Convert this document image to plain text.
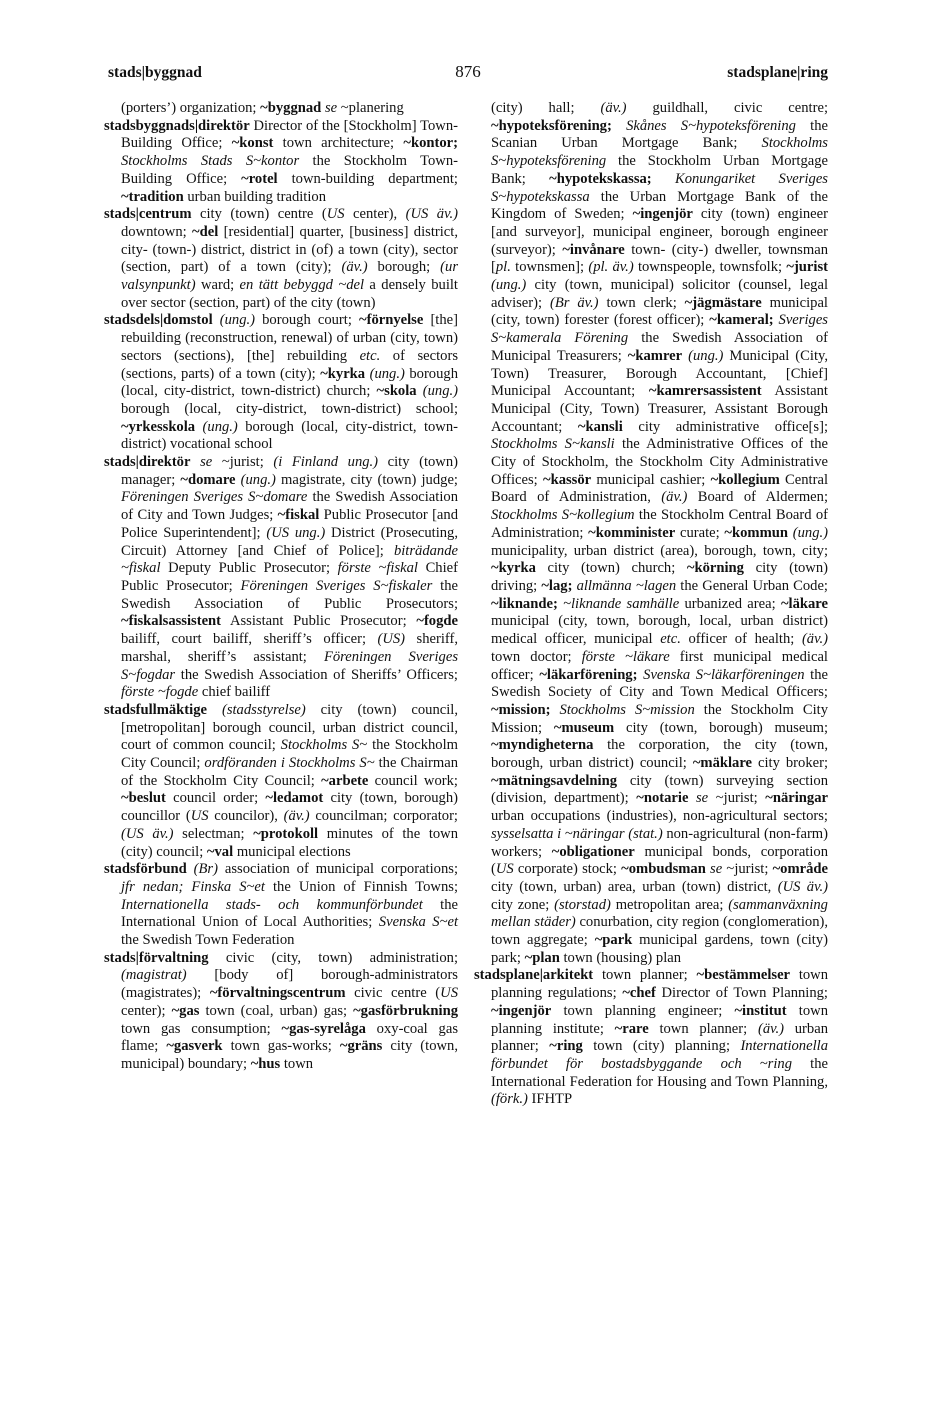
stads|byggnad	876	stadsplane|ring

(porters’) organization; ~byggnad se ~planering

stadsbyggnads|direktör Director of the [Stockholm] Town-Building Office; ~konst town architecture; ~kontor; Stockholms Stads S~kontor the Stockholm Town-Building Office; ~rotel town-building department; ~tradition urban building tradition

stads|centrum city (town) centre (US center), (US äv.) downtown; ~del [residential] quarter, [business] district, city- (town-) district, district in (of) a town (city), sector (section, part) of a town (city); (äv.) borough; (ur valsynpunkt) ward; en tätt bebyggd ~del a densely built over sector (section, part) of the city (town)

stadsdels|domstol (ung.) borough court; ~förnyelse [the] rebuilding (reconstruction, renewal) of urban (city, town) sectors (sections), [the] rebuilding etc. of sectors (sections, parts) of a town (city); ~kyrka (ung.) borough (local, city-district, town-district) church; ~skola (ung.) borough (local, city-district, town-district) school; ~yrkesskola (ung.) borough (local, city-district, town-district) vocational school

stads|direktör se ~jurist; (i Finland ung.) city (town) manager; ~domare (ung.) magistrate, city (town) judge; Föreningen Sveriges S~domare the Swedish Association of City and Town Judges; ~fiskal Public Prosecutor [and Police Superintendent]; (US ung.) District (Prosecuting, Circuit) Attorney [and Chief of Police]; biträdande ~fiskal Deputy Public Prosecutor; förste ~fiskal Chief Public Prosecutor; Föreningen Sveriges S~fiskaler the Swedish Association of Public Prosecutors; ~fiskalsassistent Assistant Public Prosecutor; ~fogde bailiff, court bailiff, sheriff’s officer; (US) sheriff, marshal, sheriff’s assistant; Föreningen Sveriges S~fogdar the Swedish Association of Sheriffs’ Officers; förste ~fogde chief bailiff

stadsfullmäktige (stadsstyrelse) city (town) council, [metropolitan] borough council, urban district council, court of common council; Stockholms S~ the Stockholm City Council; ordföranden i Stockholms S~ the Chairman of the Stockholm City Council; ~arbete council work; ~beslut council order; ~ledamot city (town, borough) councillor (US councilor), (äv.) councilman; corporator; (US äv.) selectman; ~protokoll minutes of the town (city) council; ~val municipal elections

stadsförbund (Br) association of municipal corporations; jfr nedan; Finska S~et the Union of Finnish Towns; Internationella stads- och kommunförbundet the International Union of Local Authorities; Svenska S~et the Swedish Town Federation

stads|förvaltning civic (city, town) administration; (magistrat) [body of] borough-administrators (magistrates); ~förvaltningscentrum civic centre (US center); ~gas town (coal, urban) gas; ~gasförbrukning town gas consumption; ~gas-syrelåga oxy-coal gas flame; ~gasverk town gas-works; ~gräns city (town, municipal) boundary; ~hus town

(city) hall; (äv.) guildhall, civic centre; ~hypoteksförening; Skånes S~hypoteksförening the Scanian Urban Mortgage Bank; Stockholms S~hypoteksförening the Stockholm Urban Mortgage Bank; ~hypotekskassa; Konungariket Sveriges S~hypotekskassa the Urban Mortgage Bank of the Kingdom of Sweden; ~ingenjör city (town) engineer [and surveyor], municipal engineer, borough engineer (surveyor); ~invånare town- (city-) dweller, townsman [pl. townsmen]; (pl. äv.) townspeople, townsfolk; ~jurist (ung.) city (town, municipal) solicitor (counsel, legal adviser); (Br äv.) town clerk; ~jägmästare municipal (city, town) forester (forest officer); ~kameral; Sveriges S~kamerala Förening the Swedish Association of Municipal Treasurers; ~kamrer (ung.) Municipal (City, Town) Treasurer, Borough Accountant, [Chief] Municipal Accountant; ~kamrersassistent Assistant Municipal (City, Town) Treasurer, Assistant Borough Accountant; ~kansli city administrative office[s]; Stockholms S~kansli the Administrative Offices of the City of Stockholm, the Stockholm City Administrative Offices; ~kassör municipal cashier; ~kollegium Central Board of Administration, (äv.) Board of Aldermen; Stockholms S~kollegium the Stockholm Central Board of Administration; ~komminister curate; ~kommun (ung.) municipality, urban district (area), borough, town, city; ~kyrka city (town) church; ~körning city (town) driving; ~lag; allmänna ~lagen the General Urban Code; ~liknande; ~liknande samhälle urbanized area; ~läkare municipal (city, town, borough, local, urban district) medical officer, municipal etc. officer of health; (äv.) town doctor; förste ~läkare first municipal medical officer; ~läkarförening; Svenska S~läkarföreningen the Swedish Society of City and Town Medical Officers; ~mission; Stockholms S~mission the Stockholm City Mission; ~museum city (town, borough) museum; ~myndigheterna the corporation, the city (town, borough, urban district) council; ~mäklare city broker; ~mätningsavdelning city (town) surveying section (division, department); ~notarie se ~jurist; ~näringar urban occupations (industries), non-agricultural sectors; sysselsatta i ~näringar (stat.) non-agricultural (non-farm) workers; ~obligationer municipal bonds, corporation (US corporate) stock; ~ombudsman se ~jurist; ~område city (town, urban) area, urban (town) district, (US äv.) city zone; (storstad) metropolitan area; (sammanväxning mellan städer) conurbation, city region (conglomeration), town aggregate; ~park municipal gardens, town (city) park; ~plan town (housing) plan

stadsplane|arkitekt town planner; ~bestämmelser town planning regulations; ~chef Director of Town Planning; ~ingenjör town planning engineer; ~institut town planning institute; ~rare town planner; (äv.) urban planner; ~ring town (city) planning; Internationella förbundet för bostadsbyggande och ~ring the International Federation for Housing and Town Planning, (förk.) IFHTP
